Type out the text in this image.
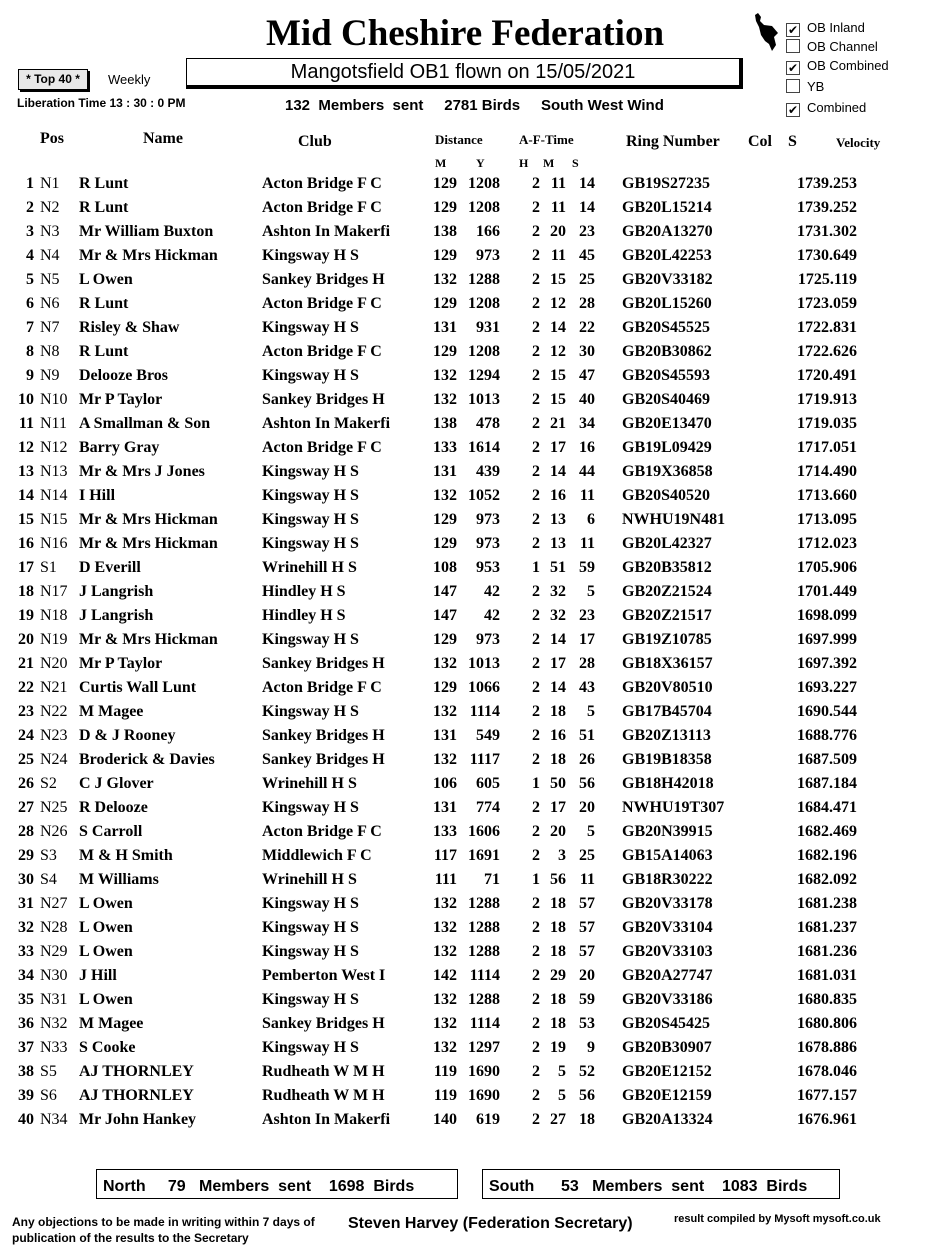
Mid Cheshire Federation	✔ OB Inland
OB Channel
✔ OB Combined
YB
✔ Combined
* Top 40 *	Weekly	Mangotsfield OB1 flown on 15/05/2021
Liberation Time 13 : 30 : 0 PM	132  Members  sent     2781 Birds     South West Wind
Pos	Name	Club	Distance	A-F-Time	Ring Number Col S	Velocity
M Y	H M S
1	N1	R Lunt	Acton Bridge F C	129	1208	2	11	14	GB19S27235	1739.253
2	N2	R Lunt	Acton Bridge F C	129	1208	2	11	14	GB20L15214	1739.252
3	N3	Mr William Buxton	Ashton In Makerfi	138	166	2	20	23	GB20A13270	1731.302
4	N4	Mr & Mrs Hickman	Kingsway H S	129	973	2	11	45	GB20L42253	1730.649
5	N5	L Owen	Sankey Bridges H	132	1288	2	15	25	GB20V33182	1725.119
6	N6	R Lunt	Acton Bridge F C	129	1208	2	12	28	GB20L15260	1723.059
7	N7	Risley & Shaw	Kingsway H S	131	931	2	14	22	GB20S45525	1722.831
8	N8	R Lunt	Acton Bridge F C	129	1208	2	12	30	GB20B30862	1722.626
9	N9	Delooze Bros	Kingsway H S	132	1294	2	15	47	GB20S45593	1720.491
10	N10	Mr P Taylor	Sankey Bridges H	132	1013	2	15	40	GB20S40469	1719.913
11	N11	A Smallman & Son	Ashton In Makerfi	138	478	2	21	34	GB20E13470	1719.035
12	N12	Barry Gray	Acton Bridge F C	133	1614	2	17	16	GB19L09429	1717.051
13	N13	Mr & Mrs J Jones	Kingsway H S	131	439	2	14	44	GB19X36858	1714.490
14	N14	I Hill	Kingsway H S	132	1052	2	16	11	GB20S40520	1713.660
15	N15	Mr & Mrs Hickman	Kingsway H S	129	973	2	13	6	NWHU19N481	1713.095
16	N16	Mr & Mrs Hickman	Kingsway H S	129	973	2	13	11	GB20L42327	1712.023
17	S1	D Everill	Wrinehill H S	108	953	1	51	59	GB20B35812	1705.906
18	N17	J Langrish	Hindley H S	147	42	2	32	5	GB20Z21524	1701.449
19	N18	J Langrish	Hindley H S	147	42	2	32	23	GB20Z21517	1698.099
20	N19	Mr & Mrs Hickman	Kingsway H S	129	973	2	14	17	GB19Z10785	1697.999
21	N20	Mr P Taylor	Sankey Bridges H	132	1013	2	17	28	GB18X36157	1697.392
22	N21	Curtis Wall Lunt	Acton Bridge F C	129	1066	2	14	43	GB20V80510	1693.227
23	N22	M Magee	Kingsway H S	132	1114	2	18	5	GB17B45704	1690.544
24	N23	D & J Rooney	Sankey Bridges H	131	549	2	16	51	GB20Z13113	1688.776
25	N24	Broderick & Davies	Sankey Bridges H	132	1117	2	18	26	GB19B18358	1687.509
26	S2	C J Glover	Wrinehill H S	106	605	1	50	56	GB18H42018	1687.184
27	N25	R Delooze	Kingsway H S	131	774	2	17	20	NWHU19T307	1684.471
28	N26	S Carroll	Acton Bridge F C	133	1606	2	20	5	GB20N39915	1682.469
29	S3	M & H Smith	Middlewich F C	117	1691	2	3	25	GB15A14063	1682.196
30	S4	M Williams	Wrinehill H S	111	71	1	56	11	GB18R30222	1682.092
31	N27	L Owen	Kingsway H S	132	1288	2	18	57	GB20V33178	1681.238
32	N28	L Owen	Kingsway H S	132	1288	2	18	57	GB20V33104	1681.237
33	N29	L Owen	Kingsway H S	132	1288	2	18	57	GB20V33103	1681.236
34	N30	J Hill	Pemberton West I	142	1114	2	29	20	GB20A27747	1681.031
35	N31	L Owen	Kingsway H S	132	1288	2	18	59	GB20V33186	1680.835
36	N32	M Magee	Sankey Bridges H	132	1114	2	18	53	GB20S45425	1680.806
37	N33	S Cooke	Kingsway H S	132	1297	2	19	9	GB20B30907	1678.886
38	S5	AJ THORNLEY	Rudheath W M H	119	1690	2	5	52	GB20E12152	1678.046
39	S6	AJ THORNLEY	Rudheath W M H	119	1690	2	5	56	GB20E12159	1677.157
40	N34	Mr John Hankey	Ashton In Makerfi	140	619	2	27	18	GB20A13324	1676.961
North     79   Members  sent    1698  Birds	South      53   Members  sent    1083  Birds
Any objections to be made in writing within 7 days of publication of the results to the Secretary
Steven Harvey (Federation Secretary)	result compiled by Mysoft mysoft.co.uk
